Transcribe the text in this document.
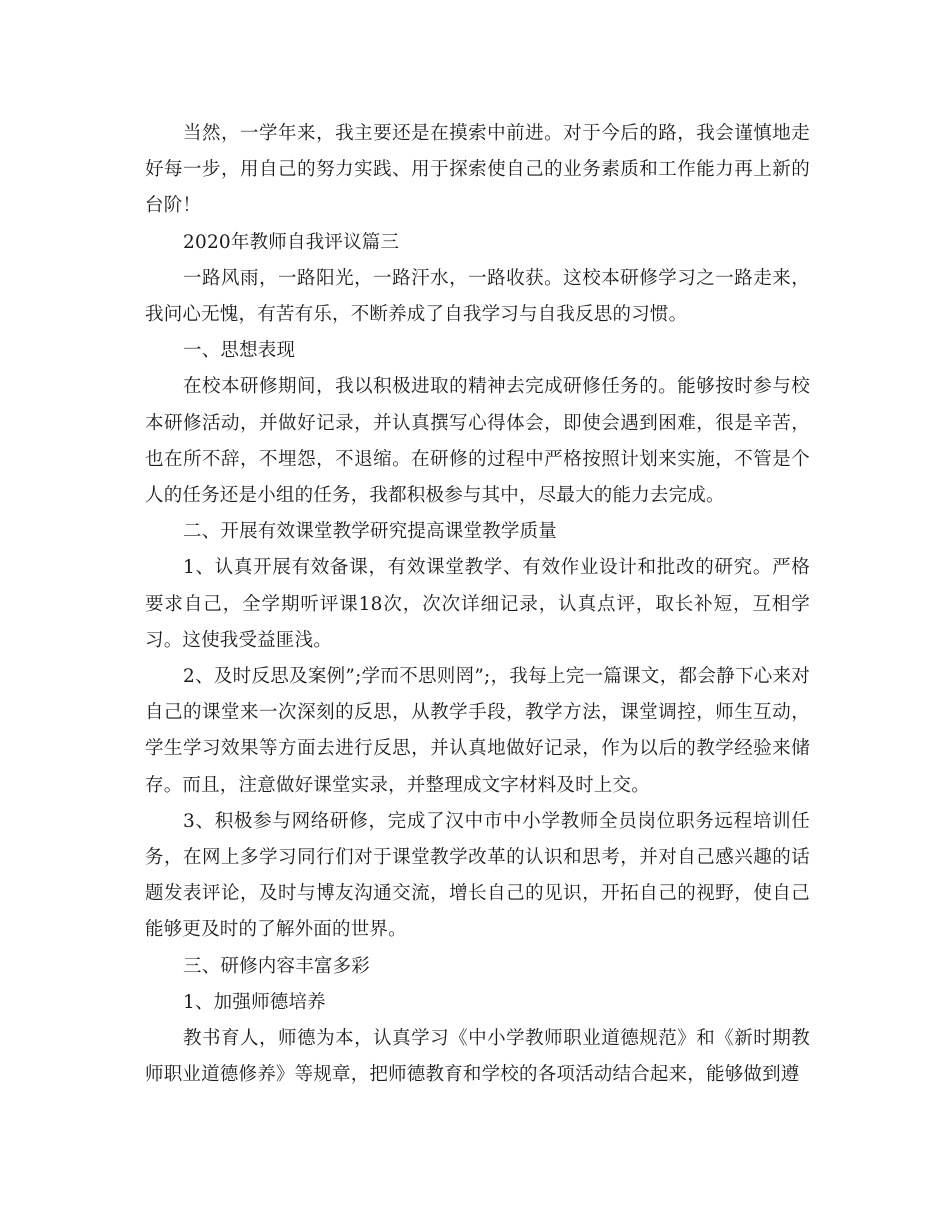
当然，一学年来，我主要还是在摸索中前进。对于今后的路，我会谨慎地走好每一步，用自己的努力实践、用于探索使自己的业务素质和工作能力再上新的台阶！

2020年教师自我评议篇三

一路风雨，一路阳光，一路汗水，一路收获。这校本研修学习之一路走来，我问心无愧，有苦有乐，不断养成了自我学习与自我反思的习惯。

一、思想表现

在校本研修期间，我以积极进取的精神去完成研修任务的。能够按时参与校本研修活动，并做好记录，并认真撰写心得体会，即使会遇到困难，很是辛苦，也在所不辞，不埋怨，不退缩。在研修的过程中严格按照计划来实施，不管是个人的任务还是小组的任务，我都积极参与其中，尽最大的能力去完成。

二、开展有效课堂教学研究提高课堂教学质量

1、认真开展有效备课，有效课堂教学、有效作业设计和批改的研究。严格要求自己，全学期听评课18次，次次详细记录，认真点评，取长补短，互相学习。这使我受益匪浅。

2、及时反思及案例”;学而不思则罔”;，我每上完一篇课文，都会静下心来对自己的课堂来一次深刻的反思，从教学手段，教学方法，课堂调控，师生互动，学生学习效果等方面去进行反思，并认真地做好记录，作为以后的教学经验来储存。而且，注意做好课堂实录，并整理成文字材料及时上交。

3、积极参与网络研修，完成了汉中市中小学教师全员岗位职务远程培训任务，在网上多学习同行们对于课堂教学改革的认识和思考，并对自己感兴趣的话题发表评论，及时与博友沟通交流，增长自己的见识，开拓自己的视野，使自己能够更及时的了解外面的世界。

三、研修内容丰富多彩

1、加强师德培养

教书育人，师德为本，认真学习《中小学教师职业道德规范》和《新时期教师职业道德修养》等规章，把师德教育和学校的各项活动结合起来，能够做到遵
